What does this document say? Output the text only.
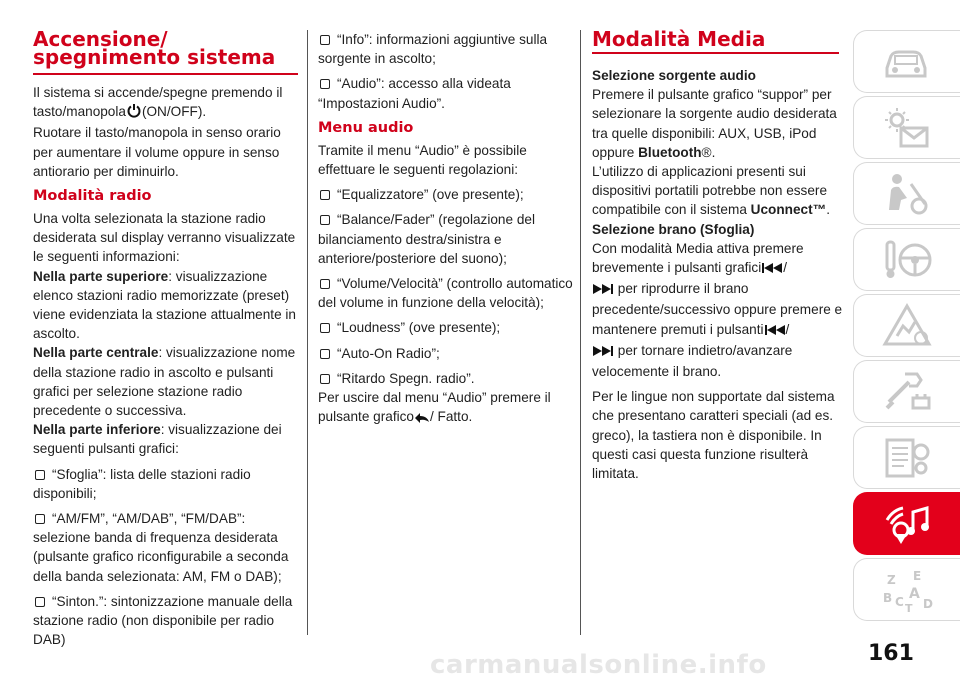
Accensione/ spegnimento sistema

Il sistema si accende/spegne premendo il tasto/manopola (ON/OFF).

Ruotare il tasto/manopola in senso orario per aumentare il volume oppure in senso antiorario per diminuirlo.

Modalità radio

Una volta selezionata la stazione radio desiderata sul display verranno visualizzate le seguenti informazioni:

Nella parte superiore: visualizzazione elenco stazioni radio memorizzate (preset) viene evidenziata la stazione attualmente in ascolto.

Nella parte centrale: visualizzazione nome della stazione radio in ascolto e pulsanti grafici per selezione stazione radio precedente o successiva.

Nella parte inferiore: visualizzazione dei seguenti pulsanti grafici:

“Sfoglia”: lista delle stazioni radio disponibili;

“AM/FM”, “AM/DAB”, “FM/DAB”: selezione banda di frequenza desiderata (pulsante grafico riconfigurabile a seconda della banda selezionata: AM, FM o DAB);

“Sinton.”: sintonizzazione manuale della stazione radio (non disponibile per radio DAB)

“Info”: informazioni aggiuntive sulla sorgente in ascolto;

“Audio”: accesso alla videata “Impostazioni Audio”.

Menu audio

Tramite il menu “Audio” è possibile effettuare le seguenti regolazioni:

“Equalizzatore” (ove presente);

“Balance/Fader” (regolazione del bilanciamento destra/sinistra e anteriore/posteriore del suono);

“Volume/Velocità” (controllo automatico del volume in funzione della velocità);

“Loudness” (ove presente);

“Auto-On Radio”;

“Ritardo Spegn. radio”.

Per uscire dal menu “Audio” premere il pulsante grafico / Fatto.

Modalità Media

Selezione sorgente audio

Premere il pulsante grafico “suppor” per selezionare la sorgente audio desiderata tra quelle disponibili: AUX, USB, iPod oppure Bluetooth®.

L’utilizzo di applicazioni presenti sui dispositivi portatili potrebbe non essere compatibile con il sistema Uconnect™.

Selezione brano (Sfoglia)

Con modalità Media attiva premere brevemente i pulsanti grafici /
per riprodurre il brano precedente/successivo oppure premere e mantenere premuti i pulsanti /
per tornare indietro/avanzare velocemente il brano.

Per le lingue non supportate dal sistema che presentano caratteri speciali (ad es. greco), la tastiera non è disponibile. In questi casi questa funzione risulterà limitata.

Z E
B A
C D
T
161
carmanualsonline.info
